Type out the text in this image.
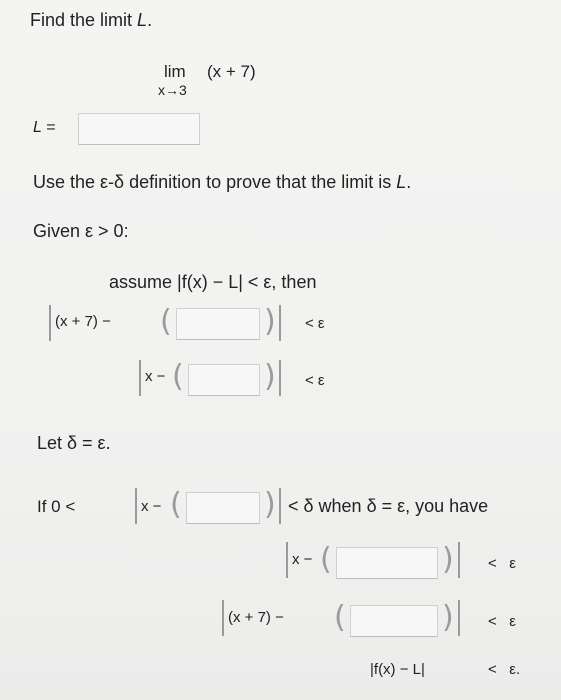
Find the limit L.
lim
x→3
(x + 7)
L =
Use the ε-δ definition to prove that the limit is L.
Given ε > 0:
assume |f(x) − L| < ε, then
(x + 7) − (	) < ε
x − (	) < ε
Let δ = ε.
If 0 <	x − (	) < δ when δ = ε, you have
x − (	) <   ε
(x + 7) − (	) <   ε
|f(x) − L|	<   ε.
